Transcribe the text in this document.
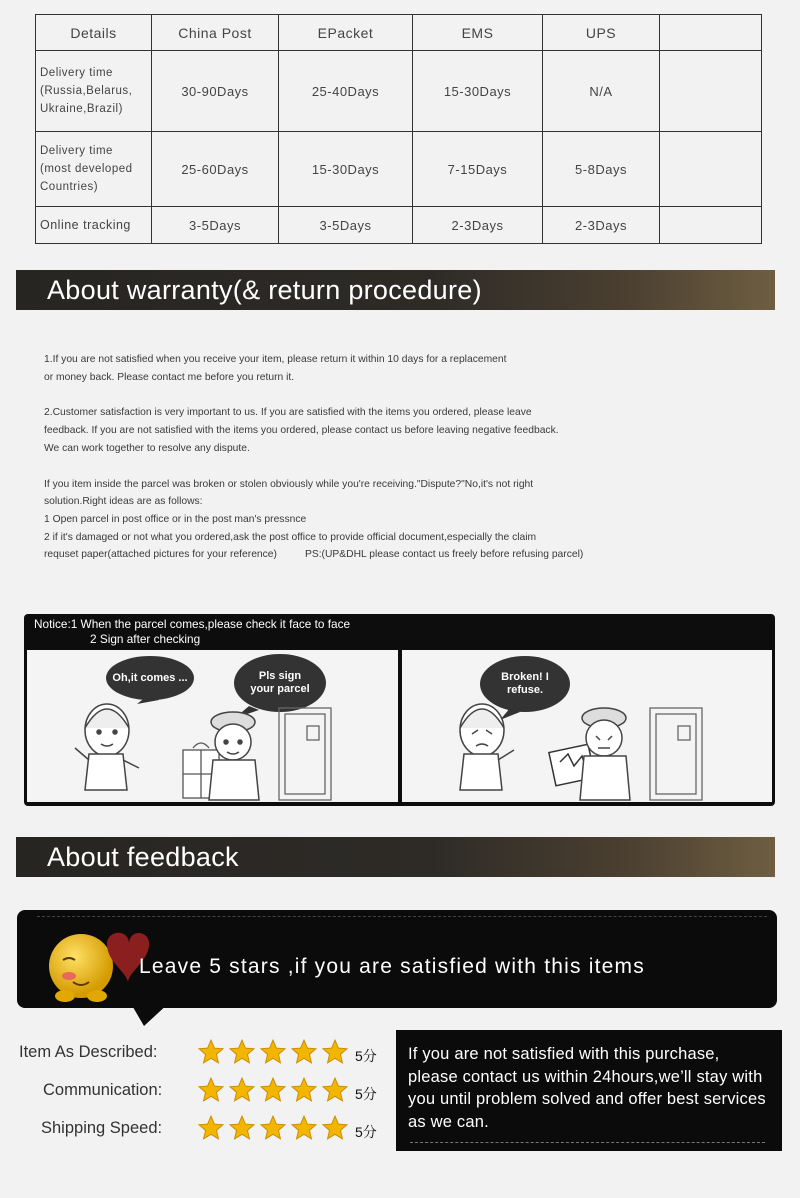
Details	China Post	EPacket	EMS	UPS	

Delivery time
(Russia,Belarus,
Ukraine,Brazil)	30-90Days	25-40Days	15-30Days	N/A	

Delivery time
(most developed
Countries)	25-60Days	15-30Days	7-15Days	5-8Days	

Online tracking	3-5Days	3-5Days	2-3Days	2-3Days	
About warranty(& return procedure)

1.If you are not satisfied when you receive your item, please return it within 10 days for a replacement

or money back. Please contact me before you return it.

2.Customer satisfaction is very important to us. If you are satisfied with the items you ordered, please leave

feedback. If you are not satisfied with the items you ordered, please contact us before leaving negative feedback.

We can work together to resolve any dispute.

If you item inside the parcel was broken or stolen obviously while you're receiving."Dispute?"No,it's not right

solution.Right ideas are as follows:

1 Open parcel in post office or in the post man's pressnce

2 if it's damaged or not what you ordered,ask the post office to provide official document,especially the claim

requset paper(attached pictures for your reference)	PS:(UP&DHL please contact us freely before refusing parcel)

Notice:1 When the parcel comes,please check it face to face
2 Sign after checking
Oh,it comes ...	Pls sign your parcel
Broken! I refuse.
About feedback
Leave 5 stars ,if you are satisfied with this items
Item As Described:	5分
Communication:	5分
Shipping Speed:	5分
If you are not satisfied with this purchase, please contact us within 24hours,we’ll stay with you until problem solved and offer best services as we can.
